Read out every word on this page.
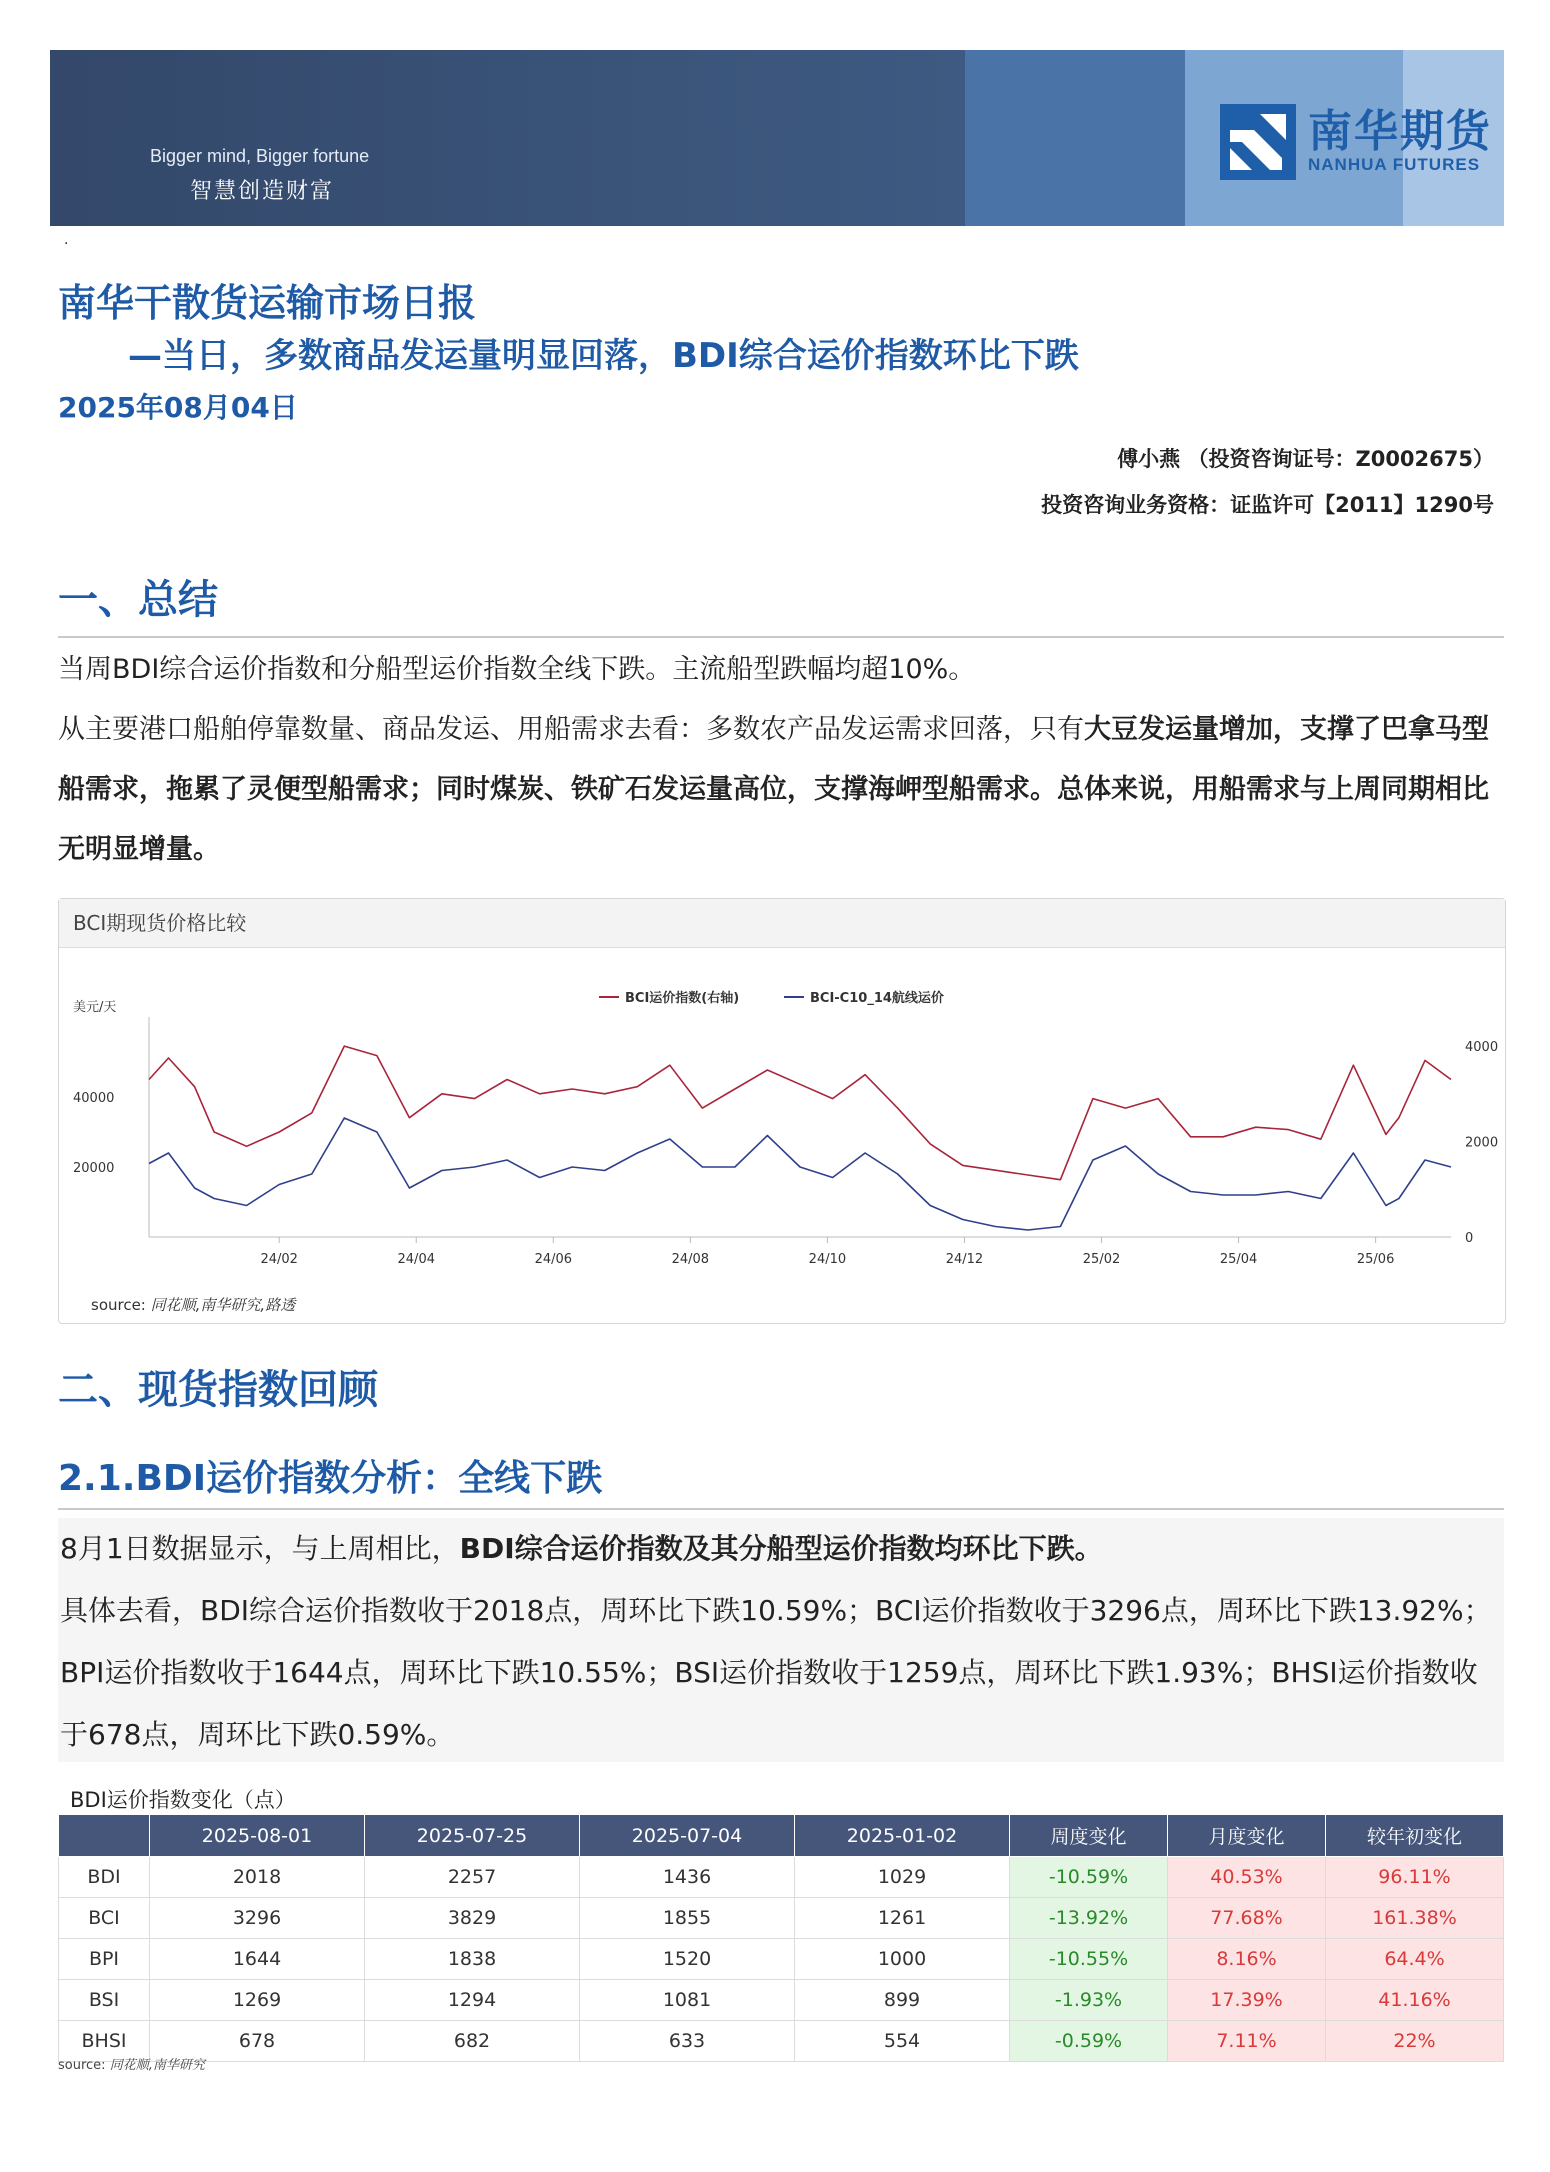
Bigger mind, Bigger fortune
智慧创造财富
南华期货
NANHUA FUTURES
.
南华干散货运输市场日报
—当日，多数商品发运量明显回落，BDI综合运价指数环比下跌
2025年08月04日
傅小燕 （投资咨询证号：Z0002675）
投资咨询业务资格：证监许可【2011】1290号
一、总结
当周BDI综合运价指数和分船型运价指数全线下跌。主流船型跌幅均超10%。
从主要港口船舶停靠数量、商品发运、用船需求去看：多数农产品发运需求回落，只有大豆发运量增加，支撑了巴拿马型船需求，拖累了灵便型船需求；同时煤炭、铁矿石发运量高位，支撑海岬型船需求。总体来说，用船需求与上周同期相比无明显增量。
BCI期现货价格比较
美元/天
20000
40000
0
2000
4000
24/02	24/04	24/06	24/08	24/10	24/12	25/02	25/04	25/06
BCI运价指数(右轴)	BCI-C10_14航线运价
source: 同花顺,南华研究,路透
二、现货指数回顾
2.1.BDI运价指数分析：全线下跌
8月1日数据显示，与上周相比，BDI综合运价指数及其分船型运价指数均环比下跌。
具体去看，BDI综合运价指数收于2018点，周环比下跌10.59%；BCI运价指数收于3296点，周环比下跌13.92%；BPI运价指数收于1644点，周环比下跌10.55%；BSI运价指数收于1259点，周环比下跌1.93%；BHSI运价指数收于678点，周环比下跌0.59%。
BDI运价指数变化（点）
	2025-08-01	2025-07-25	2025-07-04	2025-01-02	周度变化	月度变化	较年初变化
BDI	2018	2257	1436	1029	-10.59%	40.53%	96.11%
BCI	3296	3829	1855	1261	-13.92%	77.68%	161.38%
BPI	1644	1838	1520	1000	-10.55%	8.16%	64.4%
BSI	1269	1294	1081	899	-1.93%	17.39%	41.16%
BHSI	678	682	633	554	-0.59%	7.11%	22%
source: 同花顺,南华研究
